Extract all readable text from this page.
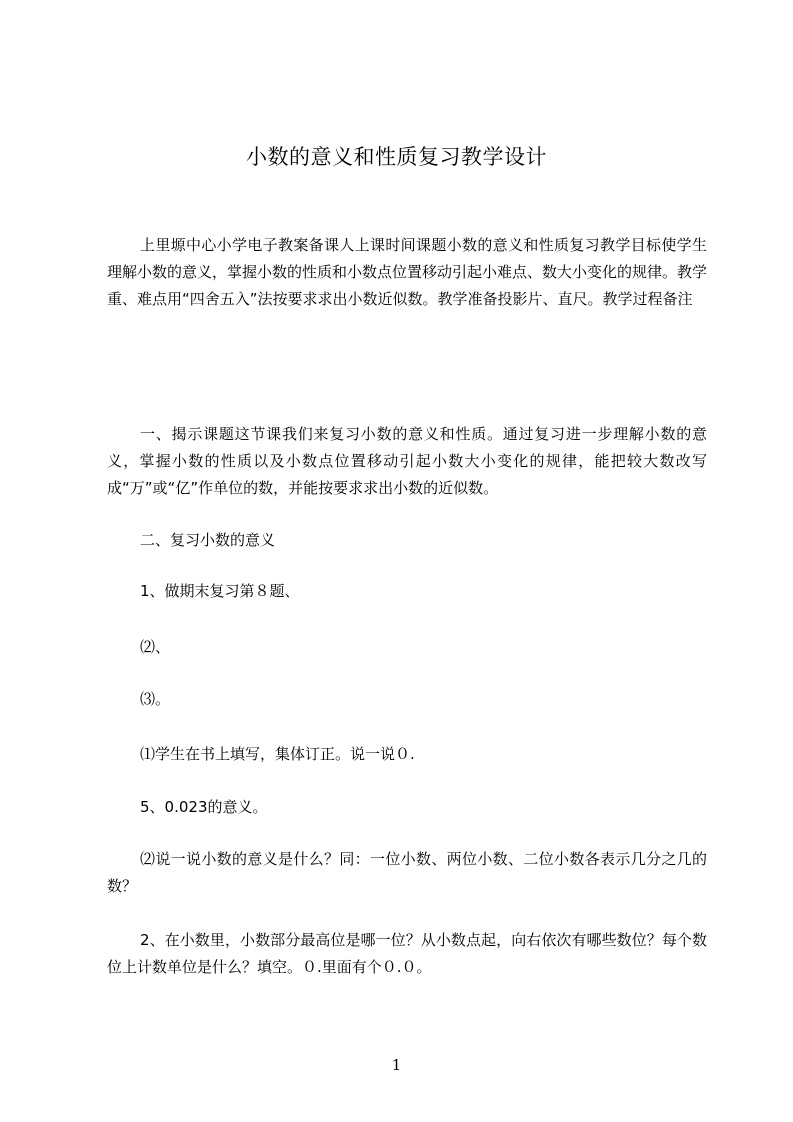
小数的意义和性质复习教学设计

上里塬中心小学电子教案备课人上课时间课题小数的意义和性质复习教学目标使学生理解小数的意义，掌握小数的性质和小数点位置移动引起小难点、数大小变化的规律。教学重、难点用“四舍五入”法按要求求出小数近似数。教学准备投影片、直尺。教学过程备注

一、揭示课题这节课我们来复习小数的意义和性质。通过复习进一步理解小数的意义，掌握小数的性质以及小数点位置移动引起小数大小变化的规律，能把较大数改写成“万”或“亿”作单位的数，并能按要求求出小数的近似数。

二、复习小数的意义

1、做期末复习第８题、

⑵、

⑶。

⑴学生在书上填写，集体订正。说一说０.

5、0.023的意义。

⑵说一说小数的意义是什么？同：一位小数、两位小数、二位小数各表示几分之几的数？

2、在小数里，小数部分最高位是哪一位？从小数点起，向右依次有哪些数位？每个数位上计数单位是什么？填空。０.里面有个０.０。

1
